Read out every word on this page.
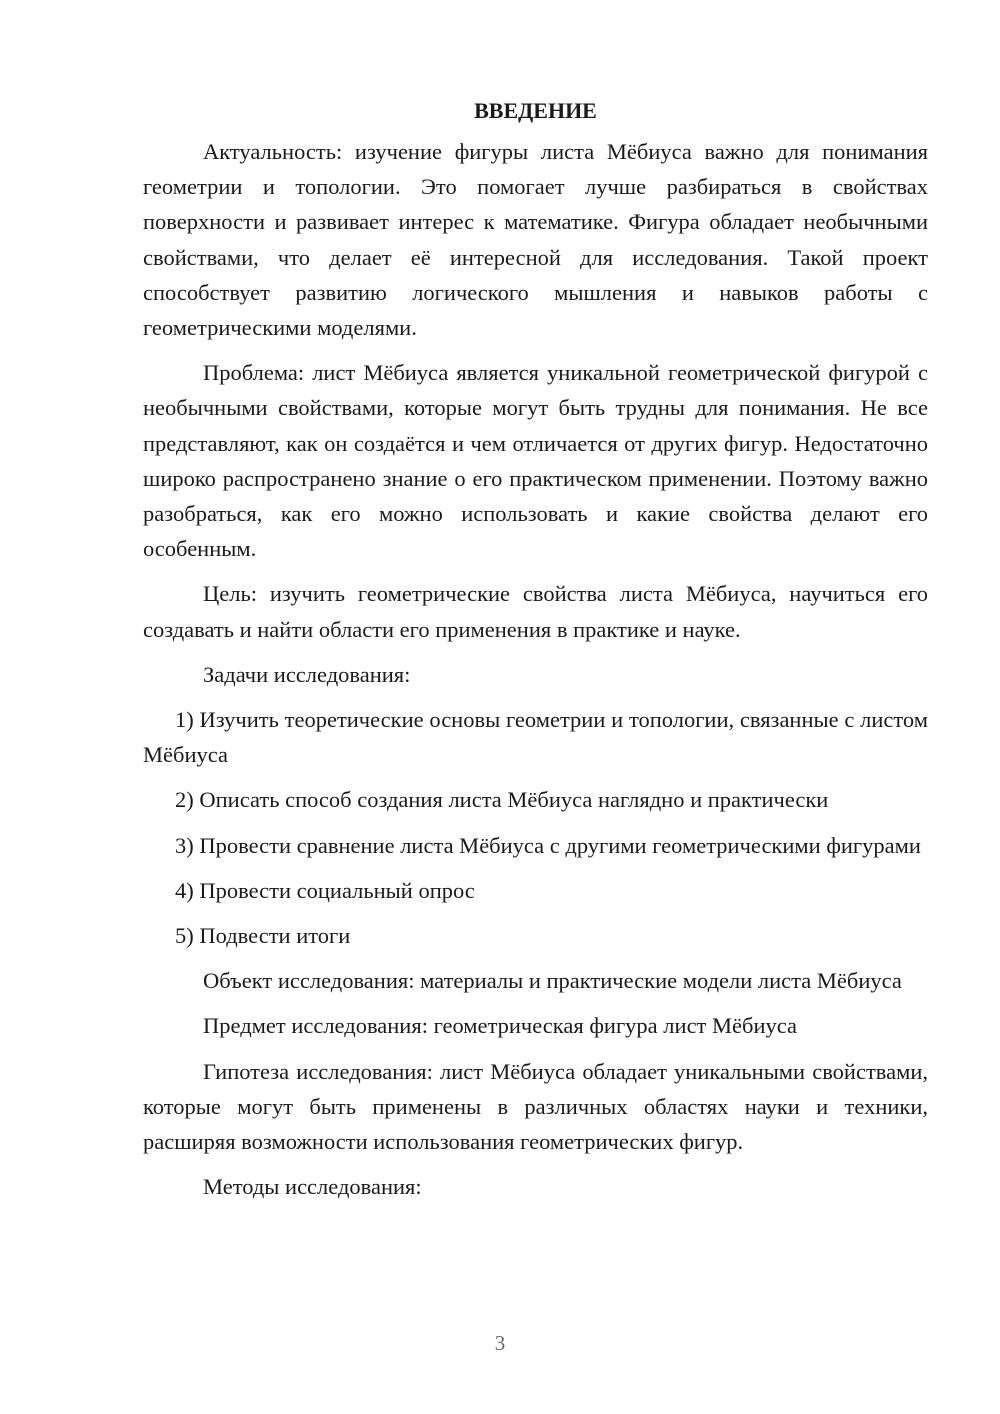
ВВЕДЕНИЕ

Актуальность: изучение фигуры листа Мёбиуса важно для понимания геометрии и топологии. Это помогает лучше разбираться в свойствах поверхности и развивает интерес к математике. Фигура обладает необычными свойствами, что делает её интересной для исследования. Такой проект способствует развитию логического мышления и навыков работы с геометрическими моделями.

Проблема: лист Мёбиуса является уникальной геометрической фигурой с необычными свойствами, которые могут быть трудны для понимания. Не все представляют, как он создаётся и чем отличается от других фигур. Недостаточно широко распространено знание о его практическом применении. Поэтому важно разобраться, как его можно использовать и какие свойства делают его особенным.

Цель: изучить геометрические свойства листа Мёбиуса, научиться его создавать и найти области его применения в практике и науке.

Задачи исследования:

1) Изучить теоретические основы геометрии и топологии, связанные с листом Мёбиуса

2) Описать способ создания листа Мёбиуса наглядно и практически

3) Провести сравнение листа Мёбиуса с другими геометрическими фигурами

4) Провести социальный опрос

5) Подвести итоги

Объект исследования: материалы и практические модели листа Мёбиуса

Предмет исследования: геометрическая фигура лист Мёбиуса

Гипотеза исследования: лист Мёбиуса обладает уникальными свойствами, которые могут быть применены в различных областях науки и техники, расширяя возможности использования геометрических фигур.

Методы исследования:

3
